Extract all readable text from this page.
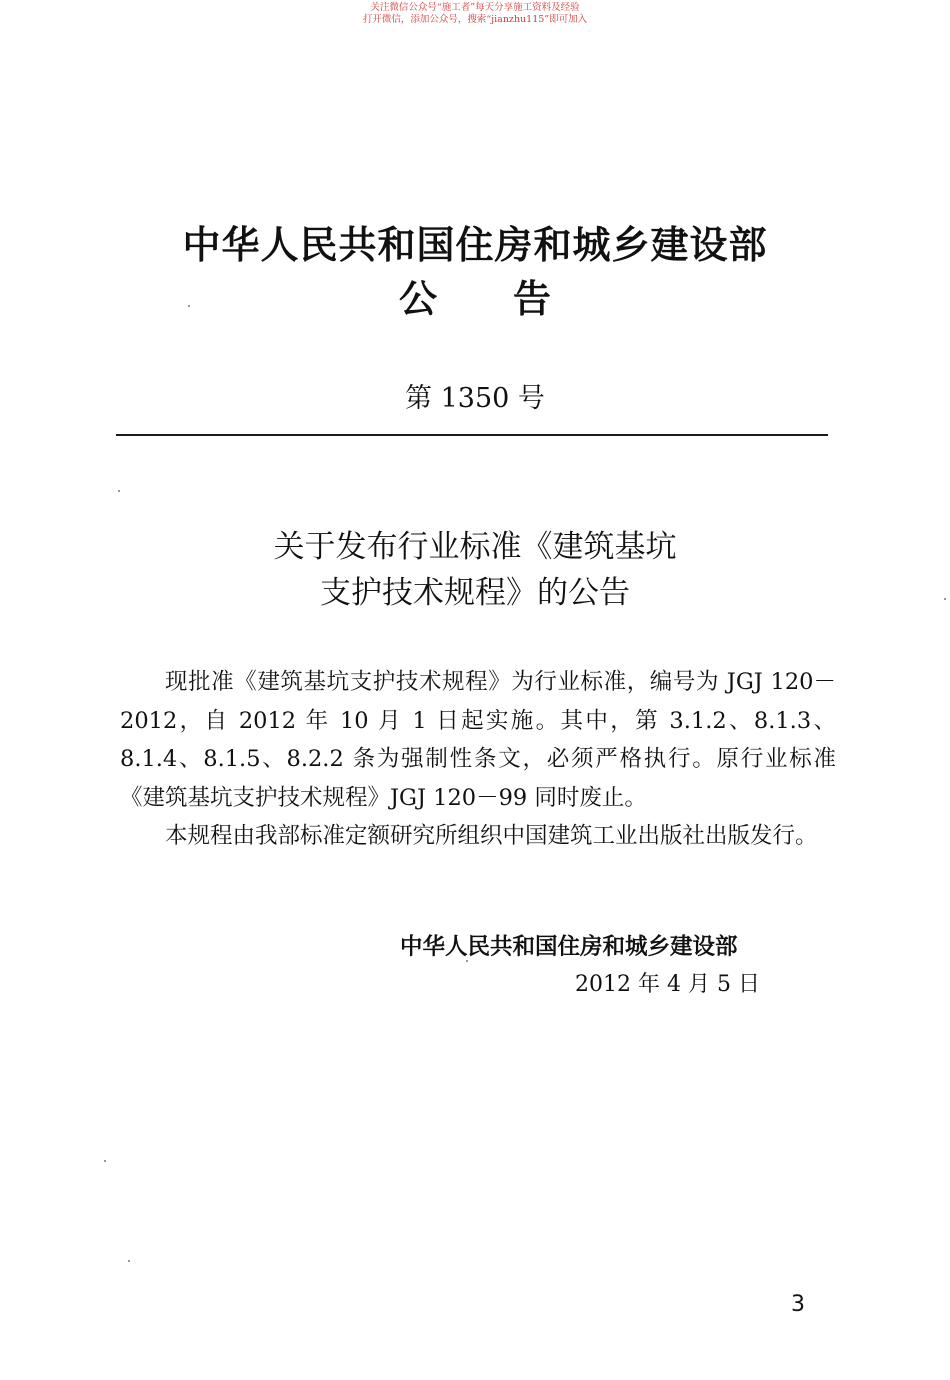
关注微信公众号“施工者”每天分享施工资料及经验
打开微信，添加公众号，搜索“jianzhu115”即可加入
中华人民共和国住房和城乡建设部
公 告
第 1350 号
关于发布行业标准《建筑基坑
支护技术规程》的公告

现批准《建筑基坑支护技术规程》为行业标准，编号为 JGJ 120－2012，自 2012 年 10 月 1 日起实施。其中，第 3.1.2、8.1.3、8.1.4、8.1.5、8.2.2 条为强制性条文，必须严格执行。原行业标准《建筑基坑支护技术规程》JGJ 120－99 同时废止。

本规程由我部标准定额研究所组织中国建筑工业出版社出版发行。

中华人民共和国住房和城乡建设部
2012 年 4 月 5 日
3
